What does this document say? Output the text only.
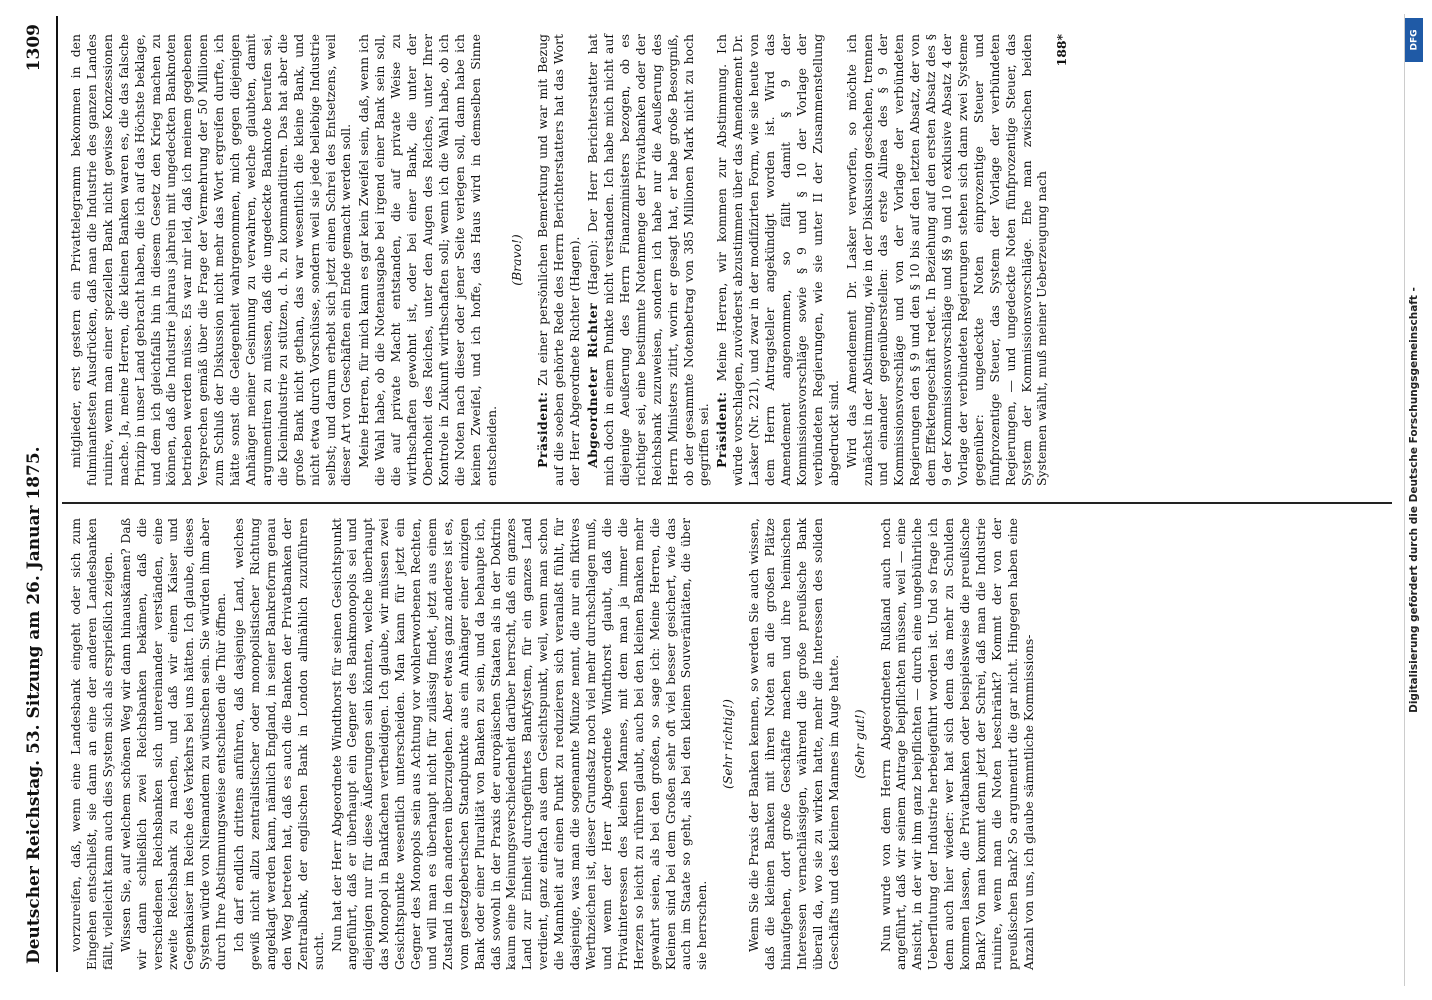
Deutscher Reichstag. 53. Sitzung am 26. Januar 1875.
1309

vorzureifen, daß, wenn eine Landesbank eingeht oder sich zum Eingehen entschließt, sie dann an eine der anderen Landesbanken fällt, vielleicht kann auch dies System sich als ersprießlich zeigen. Wissen Sie, auf welchem schönen Weg wir dann hinauskämen? Daß wir dann schließlich zwei Reichsbanken bekämen, daß die verschiedenen Reichsbanken sich untereinander verständen, eine zweite Reichsbank zu machen, und daß wir einem Kaiser und Gegenkaiser im Reiche des Verkehrs bei uns hätten. Ich glaube, dieses System würde von Niemandem zu wünschen sein. Sie würden ihm aber durch Ihre Abstimmungsweise entschieden die Thür öffnen. Ich darf endlich drittens anführen, daß dasjenige Land, welches gewiß nicht allzu zentralistischer oder monopolistischer Richtung angeklagt werden kann, nämlich England, in seiner Bankreform genau den Weg betreten hat, daß es auch die Banken der Privatbanken der Zentralbank, der englischen Bank in London allmählich zuzuführen sucht. Nun hat der Herr Abgeordnete Windthorst für seinen Gesichtspunkt angeführt, daß er überhaupt ein Gegner des Bankmonopols sei und diejenigen nur für diese Äußerungen sein könnten, welche überhaupt das Monopol in Bankfachen vertheidigen. Ich glaube, wir müssen zwei Gesichtspunkte wesentlich unterscheiden. Man kann für jetzt ein Gegner des Monopols sein aus Achtung vor wohlerworbenen Rechten, und will man es überhaupt nicht für zulässig findet, jetzt aus einem Zustand in den anderen überzugehen. Aber etwas ganz anderes ist es, vom gesetzgeberischen Standpunkte aus ein Anhänger einer einzigen Bank oder einer Pluralität von Banken zu sein, und da behaupte ich, daß sowohl in der Praxis der europäischen Staaten als in der Doktrin kaum eine Meinungsverschiedenheit darüber herrscht, daß ein ganzes Land zur Einheit durchgeführtes Bankfystem, für ein ganzes Land verdient, ganz einfach aus dem Gesichtspunkt, weil, wenn man schon die Mannheit auf einen Punkt zu reduzieren sich veranlaßt fühlt, für dasjenige, was man die sogenannte Münze nennt, die nur ein fiktives Werthzeichen ist, dieser Grundsatz noch viel mehr durchschlagen muß, und wenn der Herr Abgeordnete Windthorst glaubt, daß die Privatinteressen des kleinen Mannes, mit dem man ja immer die Herzen so leicht zu rühren glaubt, auch bei den kleinen Banken mehr gewahrt seien, als bei den großen, so sage ich: Meine Herren, die Kleinen sind bei dem Großen sehr oft viel besser gesichert, wie das auch im Staate so geht, als bei den kleinen Souveränitäten, die über sie herrschen.

(Sehr richtig!) Wenn Sie die Praxis der Banken kennen, so werden Sie auch wissen, daß die kleinen Banken mit ihren Noten an die großen Plätze hinaufgehen, dort große Geschäfte machen und ihre heimischen Interessen vernachlässigen, während die große preußische Bank überall da, wo sie zu wirken hatte, mehr die Interessen des soliden Geschäfts und des kleinen Mannes im Auge hatte. (Sehr gut!) Nun wurde von dem Herrn Abgeordneten Rußland auch noch angeführt, daß wir seinem Antrage beipflichten müssen, weil — eine Ansicht, in der wir ihm ganz beipflichten — durch eine ungebührliche Ueberflutung der Industrie herbeigeführt worden ist. Und so frage ich denn auch hier wieder: wer hat sich denn das mehr zu Schulden kommen lassen, die Privatbanken oder beispielsweise die preußische Bank? Von man kommt denn jetzt der Schrei, daß man die Industrie ruinire, wenn man die Noten beschränkt? Kommt der von der preußischen Bank? So argumentirt die gar nicht. Hingegen haben eine Anzahl von uns, ich glaube sämmtliche Kommissions-

mitglieder, erst gestern ein Privattelegramm bekommen in den fulminantesten Ausdrücken, daß man die Industrie des ganzen Landes ruinire, wenn man einer speziellen Bank nicht gewisse Konzessionen mache. Ja, meine Herren, die kleinen Banken waren es, die das falsche Prinzip in unser Land gebracht haben, die ich auf das Höchste beklage, und dem ich gleichfalls hin in diesem Gesetz den Krieg machen zu können, daß die Industrie jahraus jahrein mit ungedeckten Banknoten betrieben werden müsse. Es war mir leid, daß ich meinem gegebenen Versprechen gemäß über die Frage der Vermehrung der 50 Millionen zum Schluß der Diskussion nicht mehr das Wort ergreifen durfte, ich hätte sonst die Gelegenheit wahrgenommen, mich gegen diejenigen Anhänger meiner Gesinnung zu verwahren, welche glaubten, damit argumentiren zu müssen, daß die ungedeckte Banknote berufen sei, die Kleinindustrie zu stützen, d. h. zu kommanditiren. Das hat aber die große Bank nicht gethan, das war wesentlich die kleine Bank, und nicht etwa durch Vorschüsse, sondern weil sie jede beliebige Industrie selbst; und darum erhebt sich jetzt einen Schrei des Entsetzens, weil dieser Art von Geschäften ein Ende gemacht werden soll. Meine Herren, für mich kann es gar kein Zweifel sein, daß, wenn ich die Wahl habe, ob die Notenausgabe bei irgend einer Bank sein soll, die auf private Macht entstanden, die auf private Weise zu wirthschaften gewohnt ist, oder bei einer Bank, die unter der Oberhoheit des Reiches, unter den Augen des Reiches, unter Ihrer Kontrole in Zukunft wirthschaften soll; wenn ich die Wahl habe, ob ich die Noten nach dieser oder jener Seite verlegen soll, dann habe ich keinen Zweifel, und ich hoffe, das Haus wird in demselben Sinne entscheiden.

(Bravo!)

Präsident: Zu einer persönlichen Bemerkung und war mit Bezug auf die soeben gehörte Rede des Herrn Berichterstatters hat das Wort der Herr Abgeordnete Richter (Hagen). Abgeordneter Richter (Hagen): Der Herr Berichterstatter hat mich doch in einem Punkte nicht verstanden. Ich habe mich nicht auf diejenige Aeußerung des Herrn Finanzministers bezogen, ob es richtiger sei, eine bestimmte Notenmenge der Privatbanken oder der Reichsbank zuzuweisen, sondern ich habe nur die Aeußerung des Herrn Ministers zitirt, worin er gesagt hat, er habe große Besorgniß, ob der gesammte Notenbetrag von 385 Millionen Mark nicht zu hoch gegriffen sei. Präsident: Meine Herren, wir kommen zur Abstimmung. Ich würde vorschlagen, zuvörderst abzustimmen über das Amendement Dr. Lasker (Nr. 221), und zwar in der modifizirten Form, wie sie heute von dem Herrn Antragsteller angekündigt worden ist. Wird das Amendement angenommen, so fällt damit § 9 der Kommissionsvorschläge sowie § 9 und § 10 der Vorlage der verbündeten Regierungen, wie sie unter II der Zusammenstellung abgedruckt sind. Wird das Amendement Dr. Lasker verworfen, so möchte ich zunächst in der Abstimmung, wie in der Diskussion geschehen, trennen und einander gegenüberstellen: das erste Alinea des § 9 der Kommissionsvorschläge und von der Vorlage der verbündeten Regierungen den § 9 und den § 10 bis auf den letzten Absatz, der von dem Effektengeschäft redet. In Beziehung auf den ersten Absatz des § 9 der Kommissionsvorschläge und §§ 9 und 10 exklusive Absatz 4 der Vorlage der verbündeten Regierungen stehen sich dann zwei Systeme gegenüber: ungedeckte Noten einprozentige Steuer und fünfprozentige Steuer, das System der Vorlage der verbündeten Regierungen, — und ungedeckte Noten fünfprozentige Steuer, das System der Kommissionsvorschläge. Ehe man zwischen beiden Systemen wählt, muß meiner Ueberzeugung nach

188*	DFG
Digitalisierung gefördert durch die Deutsche Forschungsgemeinschaft -
